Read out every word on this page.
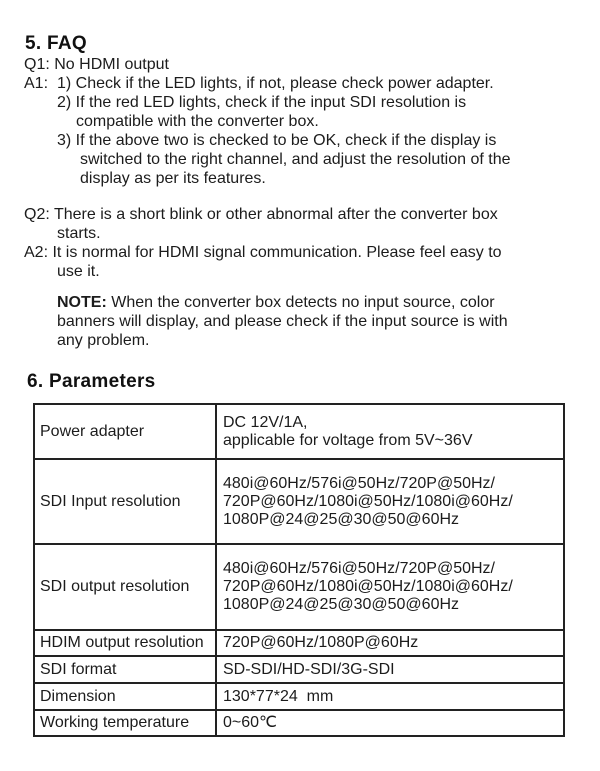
5. FAQ
Q1: No HDMI output
A1: 1) Check if the LED lights, if not, please check power adapter.
2) If the red LED lights, check if the input SDI resolution is
compatible with the converter box.
3) If the above two is checked to be OK, check if the display is
switched to the right channel, and adjust the resolution of the
display as per its features.
Q2: There is a short blink or other abnormal after the converter box
starts.
A2: It is normal for HDMI signal communication. Please feel easy to
use it.
NOTE: When the converter box detects no input source, color
banners will display, and please check if the input source is with
any problem.
6. Parameters
Power adapter	DC 12V/1A,
applicable for voltage from 5V~36V

SDI Input resolution	480i@60Hz/576i@50Hz/720P@50Hz/
720P@60Hz/1080i@50Hz/1080i@60Hz/
1080P@24@25@30@50@60Hz

SDI output resolution	480i@60Hz/576i@50Hz/720P@50Hz/
720P@60Hz/1080i@50Hz/1080i@60Hz/
1080P@24@25@30@50@60Hz

HDIM output resolution	720P@60Hz/1080P@60Hz
SDI format	SD-SDI/HD-SDI/3G-SDI
Dimension	130*77*24  mm
Working temperature	0~60℃
